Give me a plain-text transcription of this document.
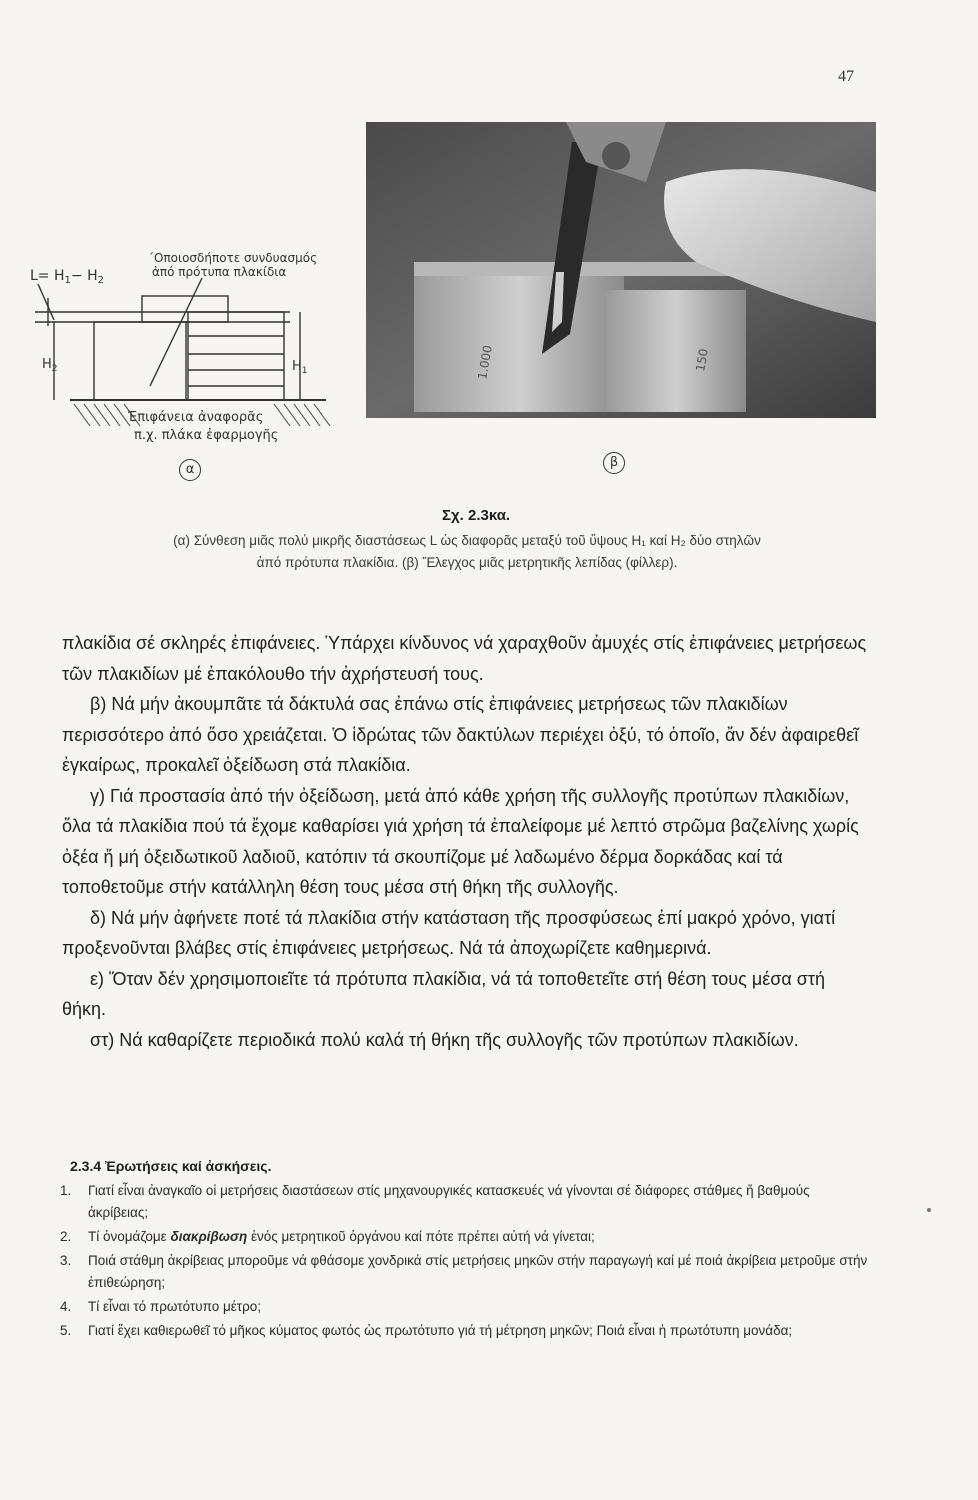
47
$L= H_1- H_2$
΄Οποιοσδήποτε συνδυασμός
ἀπό πρότυπα πλακίδια
$H_2$	$H_1$
Ἐπιφάνεια ἀναφορᾶς
π.χ. πλάκα ἐφαρμογῆς
α
1.000	150
β
Σχ. 2.3κα.
(α) Σύνθεση μιᾶς πολύ μικρῆς διαστάσεως L ὡς διαφορᾶς μεταξύ τοῦ ὕψους H₁ καί H₂ δύο στηλῶν
ἀπό πρότυπα πλακίδια. (β) Ἔλεγχος μιᾶς μετρητικῆς λεπίδας (φίλλερ).

πλακίδια σέ σκληρές ἐπιφάνειες. Ὑπάρχει κίνδυνος νά χαραχθοῦν ἀμυχές στίς ἐπιφάνειες μετρήσεως τῶν πλακιδίων μέ ἐπακόλουθο τήν ἀχρήστευσή τους.

β) Νά μήν ἀκουμπᾶτε τά δάκτυλά σας ἐπάνω στίς ἐπιφάνειες μετρήσεως τῶν πλακιδίων περισσότερο ἀπό ὅσο χρειάζεται. Ὁ ἱδρώτας τῶν δακτύλων περιέχει ὀξύ, τό ὁποῖο, ἄν δέν ἀφαιρεθεῖ ἐγκαίρως, προκαλεῖ ὀξείδωση στά πλακίδια.

γ) Γιά προστασία ἀπό τήν ὀξείδωση, μετά ἀπό κάθε χρήση τῆς συλλογῆς προτύπων πλακιδίων, ὅλα τά πλακίδια πού τά ἔχομε καθαρίσει γιά χρήση τά ἐπαλείφομε μέ λεπτό στρῶμα βαζελίνης χωρίς ὀξέα ἤ μή ὀξειδωτικοῦ λαδιοῦ, κατόπιν τά σκουπίζομε μέ λαδωμένο δέρμα δορκάδας καί τά τοποθετοῦμε στήν κατάλληλη θέση τους μέσα στή θήκη τῆς συλλογῆς.

δ) Νά μήν ἀφήνετε ποτέ τά πλακίδια στήν κατάσταση τῆς προσφύσεως ἐπί μακρό χρόνο, γιατί προξενοῦνται βλάβες στίς ἐπιφάνειες μετρήσεως. Νά τά ἀποχωρίζετε καθημερινά.

ε) Ὅταν δέν χρησιμοποιεῖτε τά πρότυπα πλακίδια, νά τά τοποθετεῖτε στή θέση τους μέσα στή θήκη.

στ) Νά καθαρίζετε περιοδικά πολύ καλά τή θήκη τῆς συλλογῆς τῶν προτύπων πλακιδίων.

2.3.4 Ἐρωτήσεις καί ἀσκήσεις.
1. Γιατί εἶναι ἀναγκαῖο οἱ μετρήσεις διαστάσεων στίς μηχανουργικές κατασκευές νά γίνονται σέ διάφορες στάθμες ἤ βαθμούς ἀκρίβειας;
2. Τί ὀνομάζομε διακρίβωση ἑνός μετρητικοῦ ὀργάνου καί πότε πρέπει αὐτή νά γίνεται;
3. Ποιά στάθμη ἀκρίβειας μποροῦμε νά φθάσομε χονδρικά στίς μετρήσεις μηκῶν στήν παραγωγή καί μέ ποιά ἀκρίβεια μετροῦμε στήν ἐπιθεώρηση;
4. Τί εἶναι τό πρωτότυπο μέτρο;
5. Γιατί ἔχει καθιερωθεῖ τό μῆκος κύματος φωτός ὡς πρωτότυπο γιά τή μέτρηση μηκῶν; Ποιά εἶναι ἡ πρωτότυπη μονάδα;
